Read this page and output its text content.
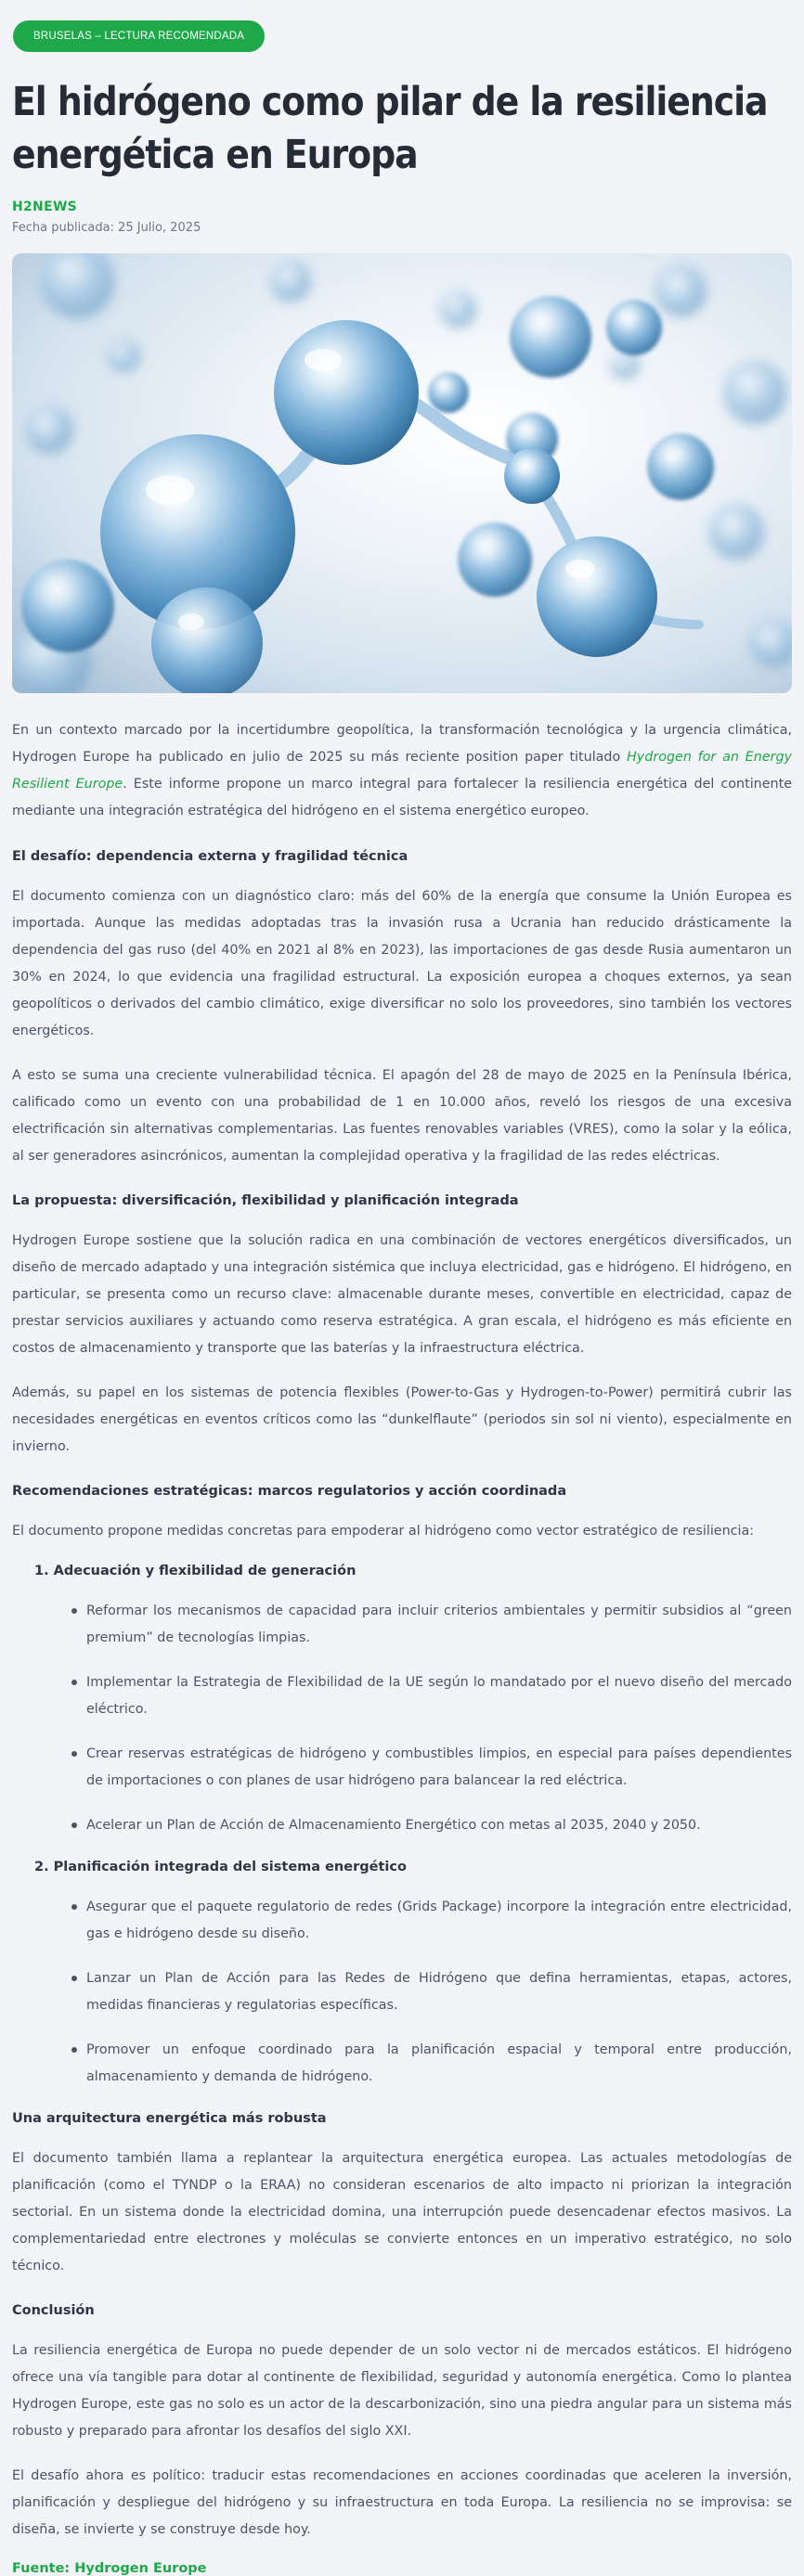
BRUSELAS – LECTURA RECOMENDADA
El hidrógeno como pilar de la resiliencia energética en Europa
H2NEWS
Fecha publicada: 25 Julio, 2025

En un contexto marcado por la incertidumbre geopolítica, la transformación tecnológica y la urgencia climática, Hydrogen Europe ha publicado en julio de 2025 su más reciente position paper titulado Hydrogen for an Energy Resilient Europe. Este informe propone un marco integral para fortalecer la resiliencia energética del continente mediante una integración estratégica del hidrógeno en el sistema energético europeo.

El desafío: dependencia externa y fragilidad técnica

El documento comienza con un diagnóstico claro: más del 60% de la energía que consume la Unión Europea es importada. Aunque las medidas adoptadas tras la invasión rusa a Ucrania han reducido drásticamente la dependencia del gas ruso (del 40% en 2021 al 8% en 2023), las importaciones de gas desde Rusia aumentaron un 30% en 2024, lo que evidencia una fragilidad estructural. La exposición europea a choques externos, ya sean geopolíticos o derivados del cambio climático, exige diversificar no solo los proveedores, sino también los vectores energéticos.

A esto se suma una creciente vulnerabilidad técnica. El apagón del 28 de mayo de 2025 en la Península Ibérica, calificado como un evento con una probabilidad de 1 en 10.000 años, reveló los riesgos de una excesiva electrificación sin alternativas complementarias. Las fuentes renovables variables (VRES), como la solar y la eólica, al ser generadores asincrónicos, aumentan la complejidad operativa y la fragilidad de las redes eléctricas.

La propuesta: diversificación, flexibilidad y planificación integrada

Hydrogen Europe sostiene que la solución radica en una combinación de vectores energéticos diversificados, un diseño de mercado adaptado y una integración sistémica que incluya electricidad, gas e hidrógeno. El hidrógeno, en particular, se presenta como un recurso clave: almacenable durante meses, convertible en electricidad, capaz de prestar servicios auxiliares y actuando como reserva estratégica. A gran escala, el hidrógeno es más eficiente en costos de almacenamiento y transporte que las baterías y la infraestructura eléctrica.

Además, su papel en los sistemas de potencia flexibles (Power-to-Gas y Hydrogen-to-Power) permitirá cubrir las necesidades energéticas en eventos críticos como las “dunkelflaute” (periodos sin sol ni viento), especialmente en invierno.

Recomendaciones estratégicas: marcos regulatorios y acción coordinada

El documento propone medidas concretas para empoderar al hidrógeno como vector estratégico de resiliencia:

1. Adecuación y flexibilidad de generación
Reformar los mecanismos de capacidad para incluir criterios ambientales y permitir subsidios al “green premium” de tecnologías limpias.
Implementar la Estrategia de Flexibilidad de la UE según lo mandatado por el nuevo diseño del mercado eléctrico.
Crear reservas estratégicas de hidrógeno y combustibles limpios, en especial para países dependientes de importaciones o con planes de usar hidrógeno para balancear la red eléctrica.
Acelerar un Plan de Acción de Almacenamiento Energético con metas al 2035, 2040 y 2050.
2. Planificación integrada del sistema energético
Asegurar que el paquete regulatorio de redes (Grids Package) incorpore la integración entre electricidad, gas e hidrógeno desde su diseño.
Lanzar un Plan de Acción para las Redes de Hidrógeno que defina herramientas, etapas, actores, medidas financieras y regulatorias específicas.
Promover un enfoque coordinado para la planificación espacial y temporal entre producción, almacenamiento y demanda de hidrógeno.
Una arquitectura energética más robusta

El documento también llama a replantear la arquitectura energética europea. Las actuales metodologías de planificación (como el TYNDP o la ERAA) no consideran escenarios de alto impacto ni priorizan la integración sectorial. En un sistema donde la electricidad domina, una interrupción puede desencadenar efectos masivos. La complementariedad entre electrones y moléculas se convierte entonces en un imperativo estratégico, no solo técnico.

Conclusión

La resiliencia energética de Europa no puede depender de un solo vector ni de mercados estáticos. El hidrógeno ofrece una vía tangible para dotar al continente de flexibilidad, seguridad y autonomía energética. Como lo plantea Hydrogen Europe, este gas no solo es un actor de la descarbonización, sino una piedra angular para un sistema más robusto y preparado para afrontar los desafíos del siglo XXI.

El desafío ahora es político: traducir estas recomendaciones en acciones coordinadas que aceleren la inversión, planificación y despliegue del hidrógeno y su infraestructura en toda Europa. La resiliencia no se improvisa: se diseña, se invierte y se construye desde hoy.

Fuente: Hydrogen Europe
